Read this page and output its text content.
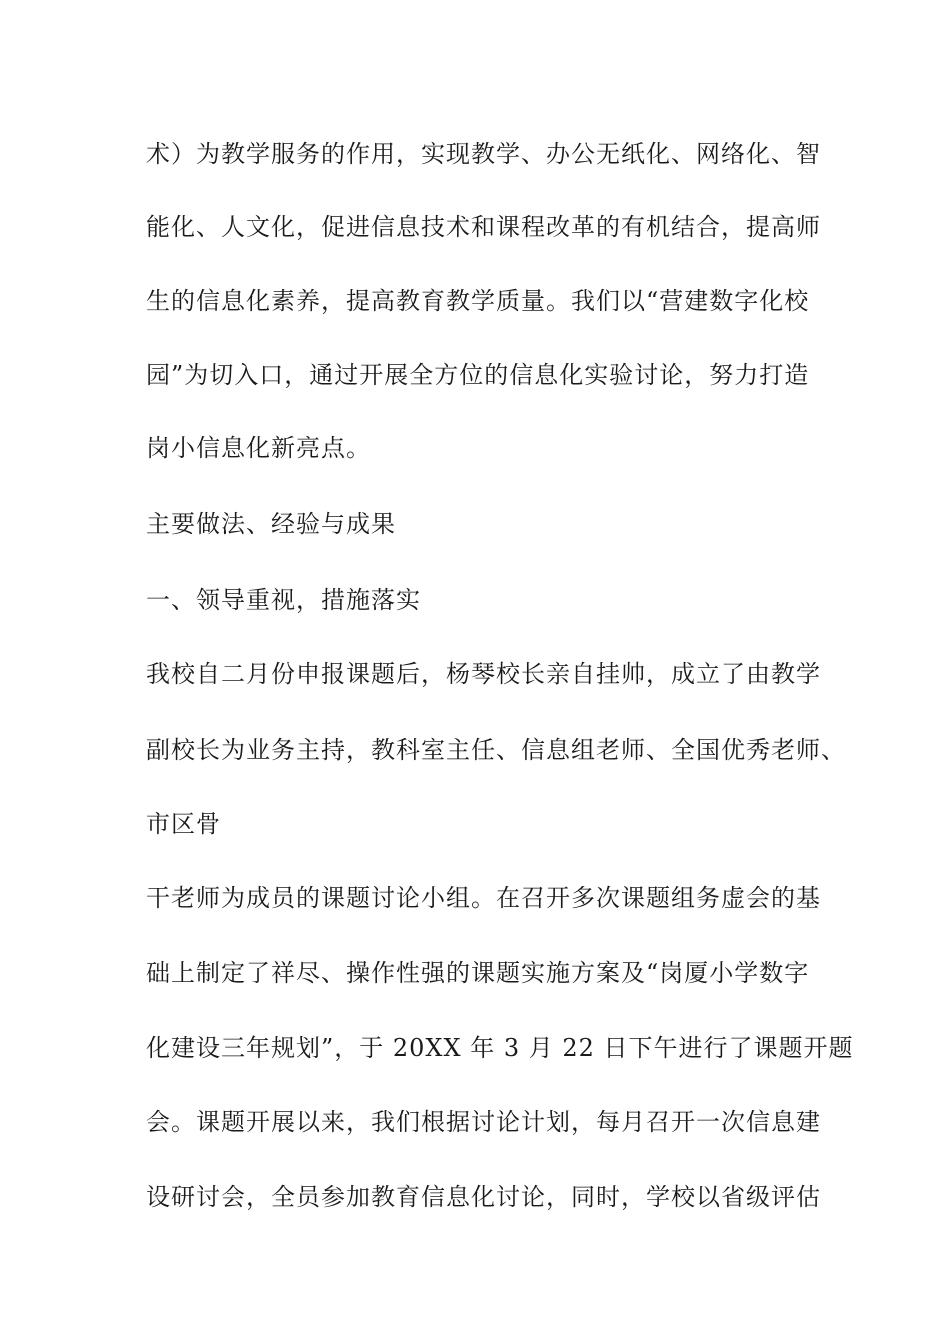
术）为教学服务的作用，实现教学、办公无纸化、网络化、智
能化、人文化，促进信息技术和课程改革的有机结合，提高师
生的信息化素养，提高教育教学质量。我们以“营建数字化校
园”为切入口，通过开展全方位的信息化实验讨论，努力打造
岗小信息化新亮点。
主要做法、经验与成果
一、领导重视，措施落实
我校自二月份申报课题后，杨琴校长亲自挂帅，成立了由教学
副校长为业务主持，教科室主任、信息组老师、全国优秀老师、
市区骨
干老师为成员的课题讨论小组。在召开多次课题组务虚会的基
础上制定了祥尽、操作性强的课题实施方案及“岗厦小学数字
化建设三年规划”，于 20XX 年 3 月 22 日下午进行了课题开题
会。课题开展以来，我们根据讨论计划，每月召开一次信息建
设研讨会，全员参加教育信息化讨论，同时，学校以省级评估
